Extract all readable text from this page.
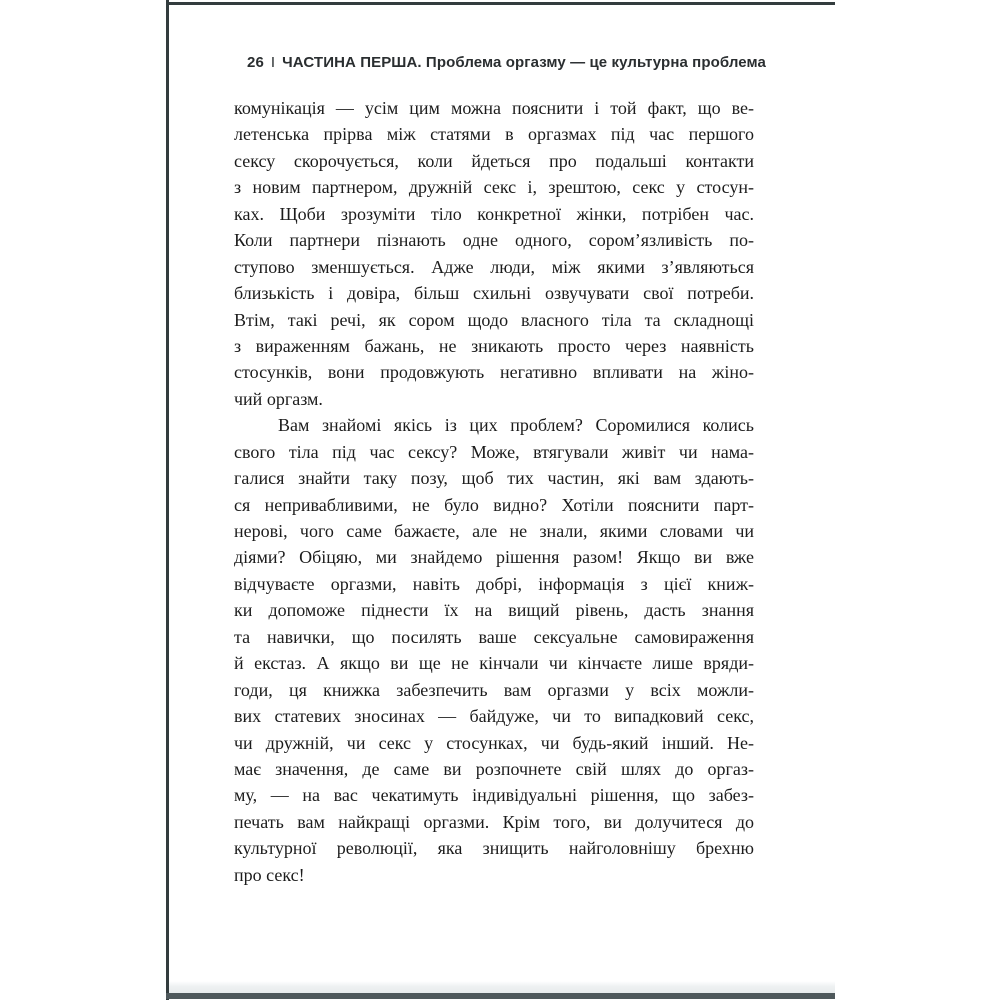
26 І ЧАСТИНА ПЕРША. Проблема оргазму — це культурна проблема
комунікація — усім цим можна пояснити і той факт, що ве-
летенська прірва між статями в оргазмах під час першого
сексу скорочується, коли йдеться про подальші контакти
з новим партнером, дружній секс і, зрештою, секс у стосун-
ках. Щоби зрозуміти тіло конкретної жінки, потрібен час.
Коли партнери пізнають одне одного, сором’язливість по-
ступово зменшується. Адже люди, між якими з’являються
близькість і довіра, більш схильні озвучувати свої потреби.
Втім, такі речі, як сором щодо власного тіла та складнощі
з вираженням бажань, не зникають просто через наявність
стосунків, вони продовжують негативно впливати на жіно-
чий оргазм.
Вам знайомі якісь із цих проблем? Соромилися колись
свого тіла під час сексу? Може, втягували живіт чи нама-
галися знайти таку позу, щоб тих частин, які вам здають-
ся непривабливими, не було видно? Хотіли пояснити парт-
нерові, чого саме бажаєте, але не знали, якими словами чи
діями? Обіцяю, ми знайдемо рішення разом! Якщо ви вже
відчуваєте оргазми, навіть добрі, інформація з цієї книж-
ки допоможе піднести їх на вищий рівень, дасть знання
та навички, що посилять ваше сексуальне самовираження
й екстаз. А якщо ви ще не кінчали чи кінчаєте лише вряди-
годи, ця книжка забезпечить вам оргазми у всіх можли-
вих статевих зносинах — байдуже, чи то випадковий секс,
чи дружній, чи секс у стосунках, чи будь-який інший. Не-
має значення, де саме ви розпочнете свій шлях до оргаз-
му, — на вас чекатимуть індивідуальні рішення, що забез-
печать вам найкращі оргазми. Крім того, ви долучитеся до
культурної революції, яка знищить найголовнішу брехню
про секс!
